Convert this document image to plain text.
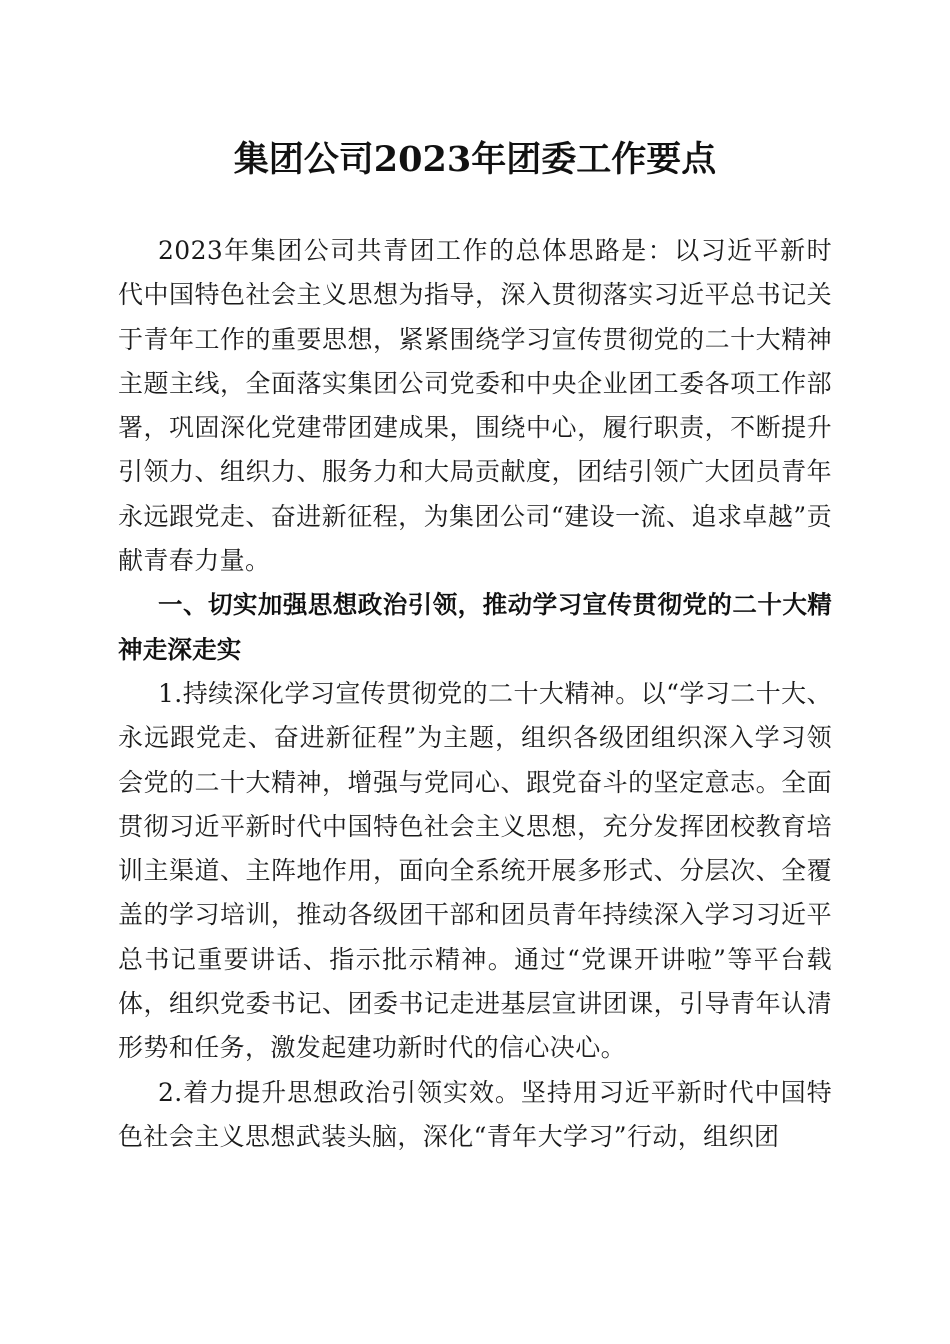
集团公司2023年团委工作要点

2023年集团公司共青团工作的总体思路是：以习近平新时代中国特色社会主义思想为指导，深入贯彻落实习近平总书记关于青年工作的重要思想，紧紧围绕学习宣传贯彻党的二十大精神主题主线，全面落实集团公司党委和中央企业团工委各项工作部署，巩固深化党建带团建成果，围绕中心，履行职责，不断提升引领力、组织力、服务力和大局贡献度，团结引领广大团员青年永远跟党走、奋进新征程，为集团公司“建设一流、追求卓越”贡献青春力量。

一、切实加强思想政治引领，推动学习宣传贯彻党的二十大精神走深走实

1.持续深化学习宣传贯彻党的二十大精神。以“学习二十大、永远跟党走、奋进新征程”为主题，组织各级团组织深入学习领会党的二十大精神，增强与党同心、跟党奋斗的坚定意志。全面贯彻习近平新时代中国特色社会主义思想，充分发挥团校教育培训主渠道、主阵地作用，面向全系统开展多形式、分层次、全覆盖的学习培训，推动各级团干部和团员青年持续深入学习习近平总书记重要讲话、指示批示精神。通过“党课开讲啦”等平台载体，组织党委书记、团委书记走进基层宣讲团课，引导青年认清形势和任务，激发起建功新时代的信心决心。

2.着力提升思想政治引领实效。坚持用习近平新时代中国特色社会主义思想武装头脑，深化“青年大学习”行动，组织团
